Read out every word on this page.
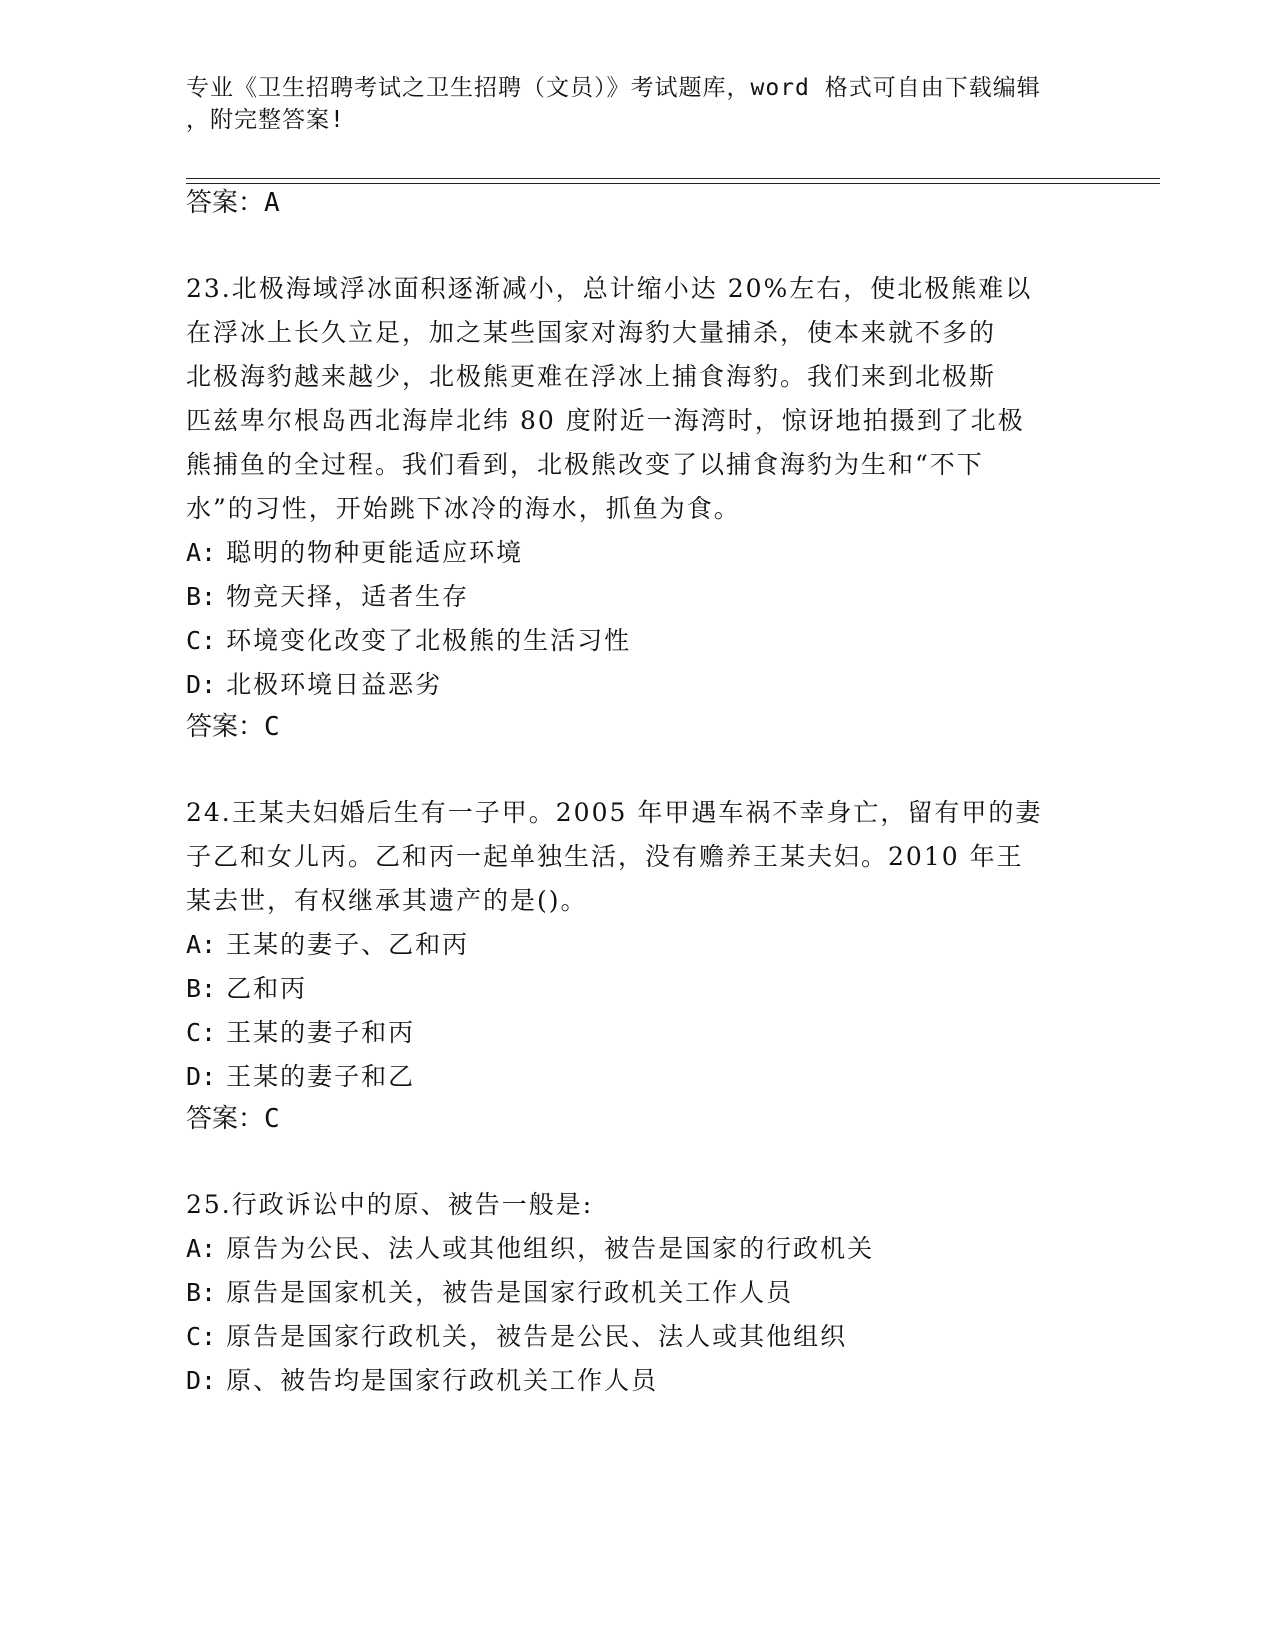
专业《卫生招聘考试之卫生招聘（文员）》考试题库，word 格式可自由下载编辑
，附完整答案!
答案：A
23.北极海域浮冰面积逐渐减小，总计缩小达 20%左右，使北极熊难以
在浮冰上长久立足，加之某些国家对海豹大量捕杀，使本来就不多的
北极海豹越来越少，北极熊更难在浮冰上捕食海豹。我们来到北极斯
匹兹卑尔根岛西北海岸北纬 80 度附近一海湾时，惊讶地拍摄到了北极
熊捕鱼的全过程。我们看到，北极熊改变了以捕食海豹为生和“不下
水”的习性，开始跳下冰冷的海水，抓鱼为食。
A: 聪明的物种更能适应环境
B: 物竞天择，适者生存
C: 环境变化改变了北极熊的生活习性
D: 北极环境日益恶劣
答案：C
24.王某夫妇婚后生有一子甲。2005 年甲遇车祸不幸身亡，留有甲的妻
子乙和女儿丙。乙和丙一起单独生活，没有赡养王某夫妇。2010 年王
某去世，有权继承其遗产的是()。
A: 王某的妻子、乙和丙
B: 乙和丙
C: 王某的妻子和丙
D: 王某的妻子和乙
答案：C
25.行政诉讼中的原、被告一般是:
A: 原告为公民、法人或其他组织，被告是国家的行政机关
B: 原告是国家机关，被告是国家行政机关工作人员
C: 原告是国家行政机关，被告是公民、法人或其他组织
D: 原、被告均是国家行政机关工作人员
